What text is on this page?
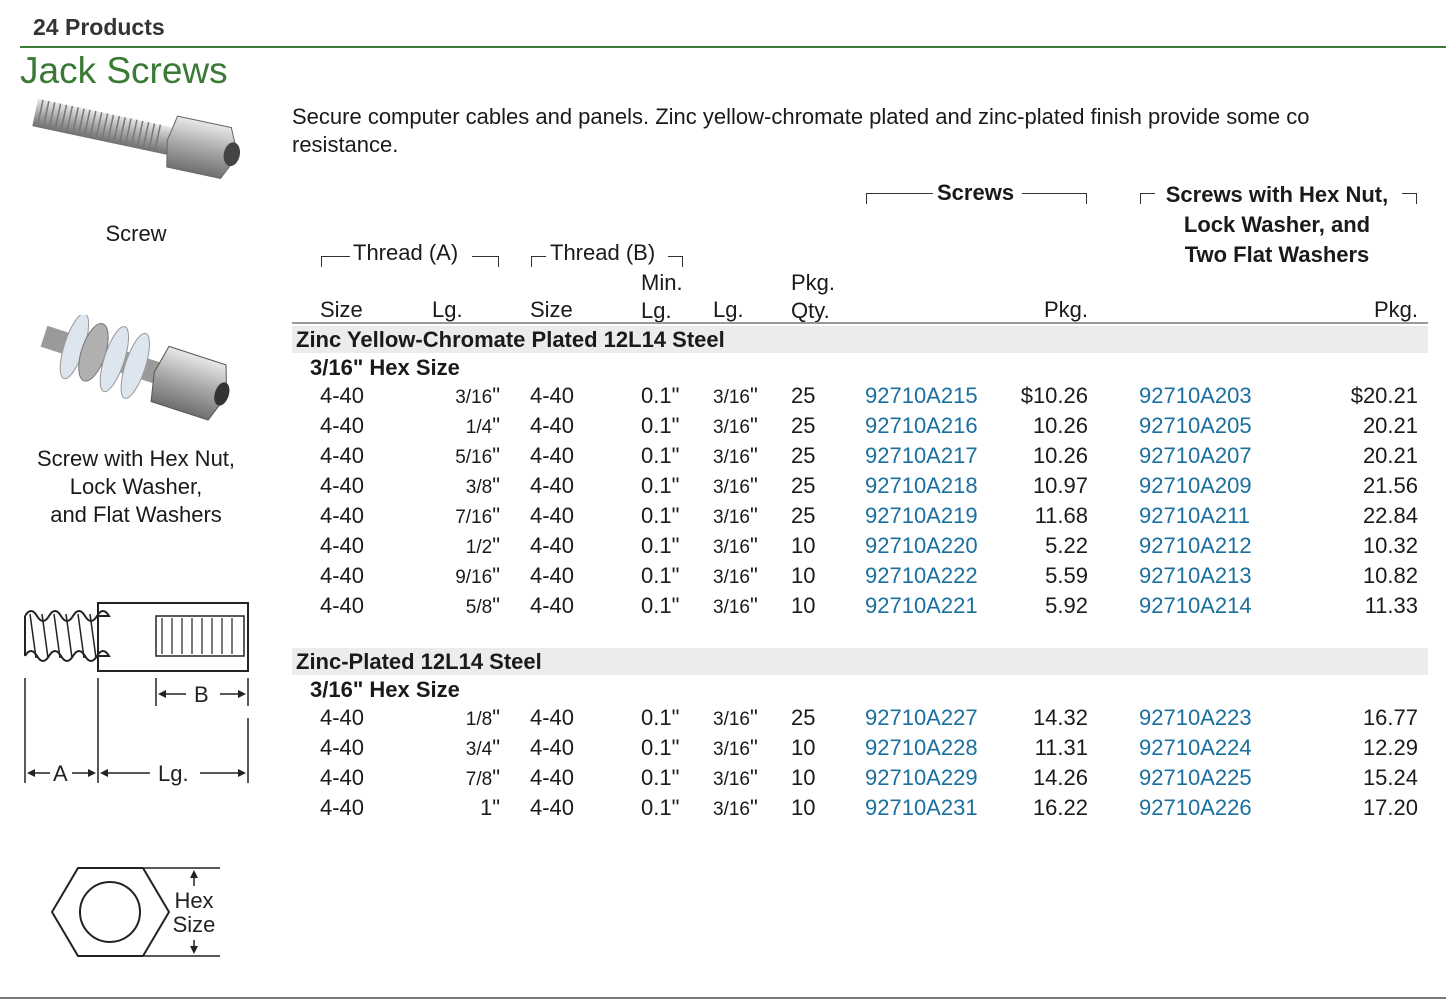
24 Products
Jack Screws
Secure computer cables and panels. Zinc yellow-chromate plated and zinc-plated finish provide some co
resistance.
Screw
Screw with Hex Nut,
Lock Washer,
and Flat Washers
B
A	Lg.
Hex
Size
Thread (A)	Thread (B)
Screws	Screws with Hex Nut,
Lock Washer, and
Two Flat Washers
Size	Lg.	Size
Min.
Lg.	Lg.
Pkg.
Qty.	Pkg.	Pkg.
Zinc Yellow-Chromate Plated 12L14 Steel
3/16" Hex Size
4-40	3/16" 4-40	0.1" 3/16" 25 92710A215 $10.26 92710A203	$20.21
4-40	1/4" 4-40	0.1" 3/16" 25 92710A216	10.26 92710A205	20.21
4-40	5/16" 4-40	0.1" 3/16" 25 92710A217	10.26 92710A207	20.21
4-40	3/8" 4-40	0.1" 3/16" 25 92710A218	10.97 92710A209	21.56
4-40	7/16" 4-40	0.1" 3/16" 25 92710A219	11.68 92710A211	22.84
4-40	1/2" 4-40	0.1" 3/16" 10 92710A220	5.22 92710A212	10.32
4-40	9/16" 4-40	0.1" 3/16" 10 92710A222	5.59 92710A213	10.82
4-40	5/8" 4-40	0.1" 3/16" 10 92710A221	5.92 92710A214	11.33
Zinc-Plated 12L14 Steel
3/16" Hex Size
4-40	1/8" 4-40	0.1" 3/16" 25 92710A227	14.32 92710A223	16.77
4-40	3/4" 4-40	0.1" 3/16" 10 92710A228	11.31 92710A224	12.29
4-40	7/8" 4-40	0.1" 3/16" 10 92710A229	14.26 92710A225	15.24
4-40	1" 4-40	0.1" 3/16" 10 92710A231	16.22 92710A226	17.20
